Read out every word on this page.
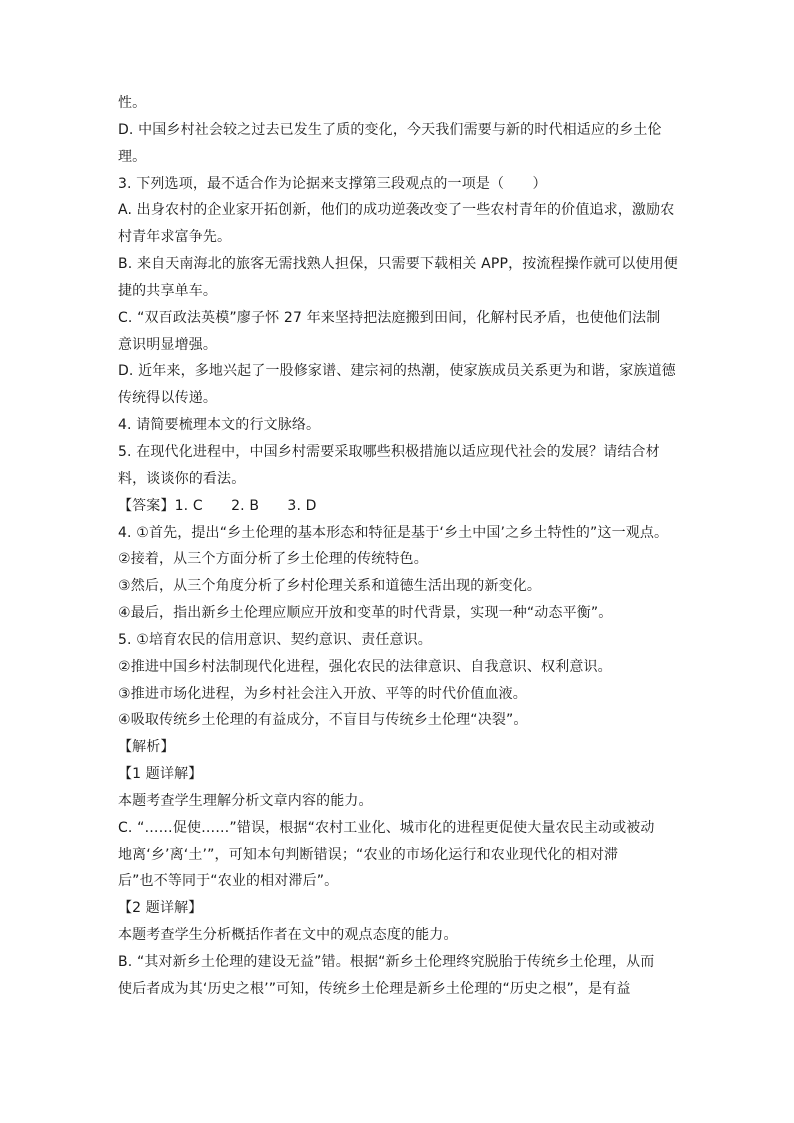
性。
D. 中国乡村社会较之过去已发生了质的变化，今天我们需要与新的时代相适应的乡土伦
理。
3. 下列选项，最不适合作为论据来支撑第三段观点的一项是（　　）
A. 出身农村的企业家开拓创新，他们的成功逆袭改变了一些农村青年的价值追求，激励农
村青年求富争先。
B. 来自天南海北的旅客无需找熟人担保，只需要下载相关 APP，按流程操作就可以使用便
捷的共享单车。
C. “双百政法英模”廖子怀 27 年来坚持把法庭搬到田间，化解村民矛盾，也使他们法制
意识明显增强。
D. 近年来，多地兴起了一股修家谱、建宗祠的热潮，使家族成员关系更为和谐，家族道德
传统得以传递。
4. 请简要梳理本文的行文脉络。
5. 在现代化进程中，中国乡村需要采取哪些积极措施以适应现代社会的发展？请结合材
料，谈谈你的看法。
【答案】1. C　　2. B　　3. D
4. ①首先，提出“乡土伦理的基本形态和特征是基于‘乡土中国’之乡土特性的”这一观点。
②接着，从三个方面分析了乡土伦理的传统特色。
③然后，从三个角度分析了乡村伦理关系和道德生活出现的新变化。
④最后，指出新乡土伦理应顺应开放和变革的时代背景，实现一种“动态平衡”。
5. ①培育农民的信用意识、契约意识、责任意识。
②推进中国乡村法制现代化进程，强化农民的法律意识、自我意识、权利意识。
③推进市场化进程，为乡村社会注入开放、平等的时代价值血液。
④吸取传统乡土伦理的有益成分，不盲目与传统乡土伦理“决裂”。
【解析】
【1 题详解】
本题考查学生理解分析文章内容的能力。
C. “……促使……”错误，根据“农村工业化、城市化的进程更促使大量农民主动或被动
地离‘乡’离‘土’”，可知本句判断错误；“农业的市场化运行和农业现代化的相对滞
后”也不等同于“农业的相对滞后”。
【2 题详解】
本题考查学生分析概括作者在文中的观点态度的能力。
B. “其对新乡土伦理的建设无益”错。根据“新乡土伦理终究脱胎于传统乡土伦理，从而
使后者成为其‘历史之根’”可知，传统乡土伦理是新乡土伦理的“历史之根”，是有益
